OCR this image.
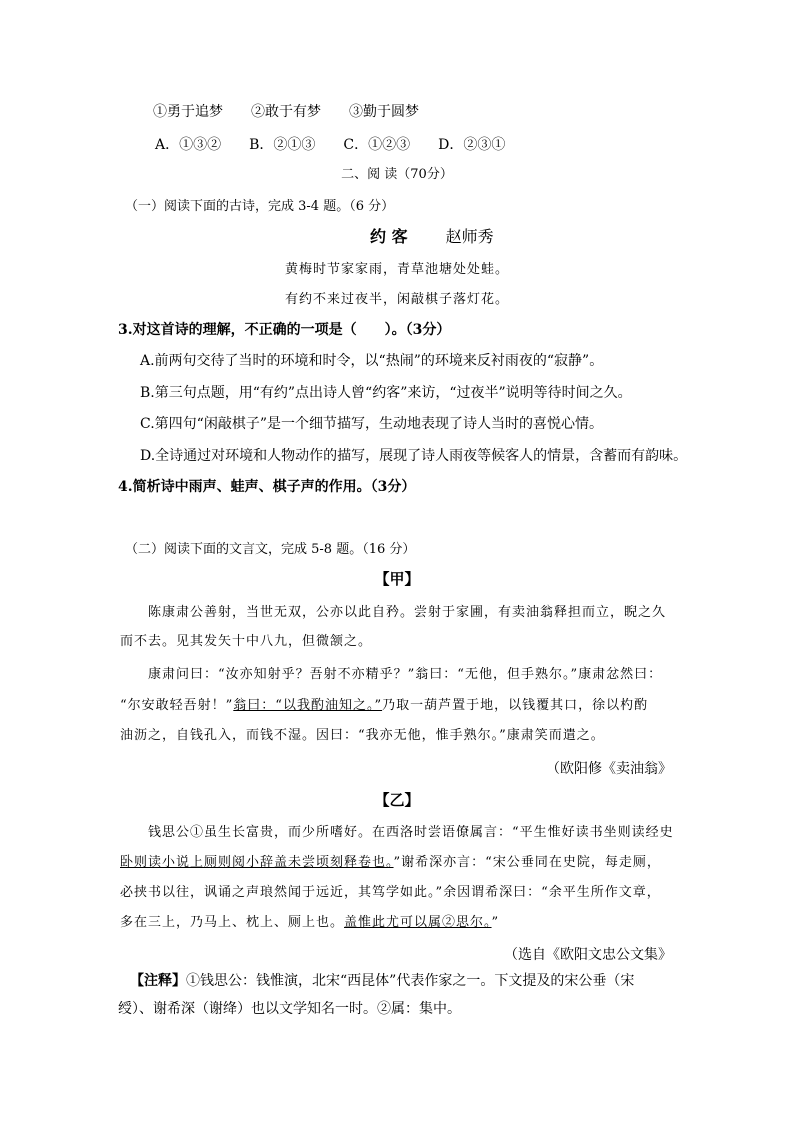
①勇于追梦 ②敢于有梦 ③勤于圆梦
A．①③② B．②①③ C．①②③ D．②③①
二、阅 读（70分）
（一）阅读下面的古诗，完成 3-4 题。（6 分）
约 客 赵师秀
黄梅时节家家雨，青草池塘处处蛙。
有约不来过夜半，闲敲棋子落灯花。
3.对这首诗的理解，不正确的一项是（　　）。（3分）
A.前两句交待了当时的环境和时令，以“热闹”的环境来反衬雨夜的“寂静”。
B.第三句点题，用“有约”点出诗人曾“约客”来访，“过夜半”说明等待时间之久。
C.第四句“闲敲棋子”是一个细节描写，生动地表现了诗人当时的喜悦心情。
D.全诗通过对环境和人物动作的描写，展现了诗人雨夜等候客人的情景，含蓄而有韵味。
4.简析诗中雨声、蛙声、棋子声的作用。（3分）
（二）阅读下面的文言文，完成 5-8 题。（16 分）
【甲】
陈康肃公善射，当世无双，公亦以此自矜。尝射于家圃，有卖油翁释担而立，睨之久
而不去。见其发矢十中八九，但微颔之。
康肃问曰：“汝亦知射乎？吾射不亦精乎？”翁曰：“无他，但手熟尔。”康肃忿然曰：
“尔安敢轻吾射！”翁曰：“以我酌油知之。”乃取一葫芦置于地，以钱覆其口，徐以杓酌
油沥之，自钱孔入，而钱不湿。因曰：“我亦无他，惟手熟尔。”康肃笑而遣之。
（欧阳修《卖油翁》
【乙】
钱思公①虽生长富贵，而少所嗜好。在西洛时尝语僚属言：“平生惟好读书坐则读经史
卧则读小说上厕则阅小辞盖未尝顷刻释卷也。”谢希深亦言：“宋公垂同在史院，每走厕，
必挟书以往，讽诵之声琅然闻于远近，其笃学如此。”余因谓希深曰：“余平生所作文章，
多在三上，乃马上、枕上、厕上也。盖惟此尤可以属②思尔。”
（选自《欧阳文忠公文集》
【注释】①钱思公：钱惟演，北宋“西昆体”代表作家之一。下文提及的宋公垂（宋
绶）、谢希深（谢绛）也以文学知名一时。②属：集中。
